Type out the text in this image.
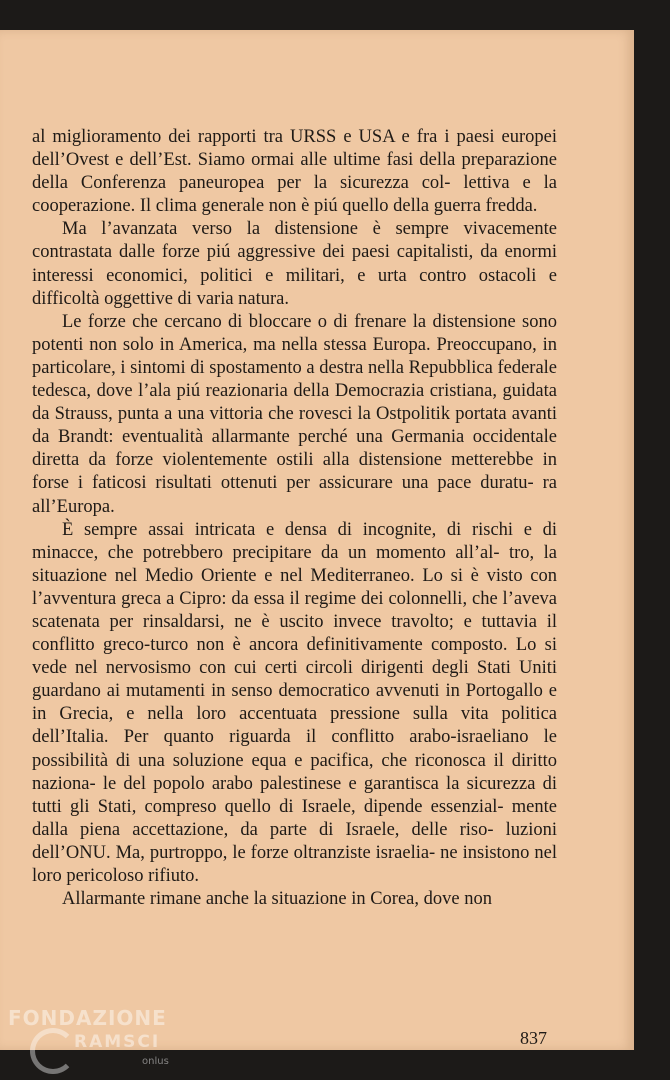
al miglioramento dei rapporti tra URSS e USA e fra i paesi europei dell’Ovest e dell’Est. Siamo ormai alle ultime fasi della preparazione della Conferenza paneuropea per la sicurezza col- lettiva e la cooperazione. Il clima generale non è piú quello della guerra fredda.

Ma l’avanzata verso la distensione è sempre vivacemente contrastata dalle forze piú aggressive dei paesi capitalisti, da enormi interessi economici, politici e militari, e urta contro ostacoli e difficoltà oggettive di varia natura.

Le forze che cercano di bloccare o di frenare la distensione sono potenti non solo in America, ma nella stessa Europa. Preoccupano, in particolare, i sintomi di spostamento a destra nella Repubblica federale tedesca, dove l’ala piú reazionaria della Democrazia cristiana, guidata da Strauss, punta a una vittoria che rovesci la Ostpolitik portata avanti da Brandt: eventualità allarmante perché una Germania occidentale diretta da forze violentemente ostili alla distensione metterebbe in forse i faticosi risultati ottenuti per assicurare una pace duratu- ra all’Europa.

È sempre assai intricata e densa di incognite, di rischi e di minacce, che potrebbero precipitare da un momento all’al- tro, la situazione nel Medio Oriente e nel Mediterraneo. Lo si è visto con l’avventura greca a Cipro: da essa il regime dei colonnelli, che l’aveva scatenata per rinsaldarsi, ne è uscito invece travolto; e tuttavia il conflitto greco-turco non è ancora definitivamente composto. Lo si vede nel nervosismo con cui certi circoli dirigenti degli Stati Uniti guardano ai mutamenti in senso democratico avvenuti in Portogallo e in Grecia, e nella loro accentuata pressione sulla vita politica dell’Italia. Per quanto riguarda il conflitto arabo-israeliano le possibilità di una soluzione equa e pacifica, che riconosca il diritto naziona- le del popolo arabo palestinese e garantisca la sicurezza di tutti gli Stati, compreso quello di Israele, dipende essenzial- mente dalla piena accettazione, da parte di Israele, delle riso- luzioni dell’ONU. Ma, purtroppo, le forze oltranziste israelia- ne insistono nel loro pericoloso rifiuto.

Allarmante rimane anche la situazione in Corea, dove non

837
FONDAZIONE
RAMSCI
onlus
